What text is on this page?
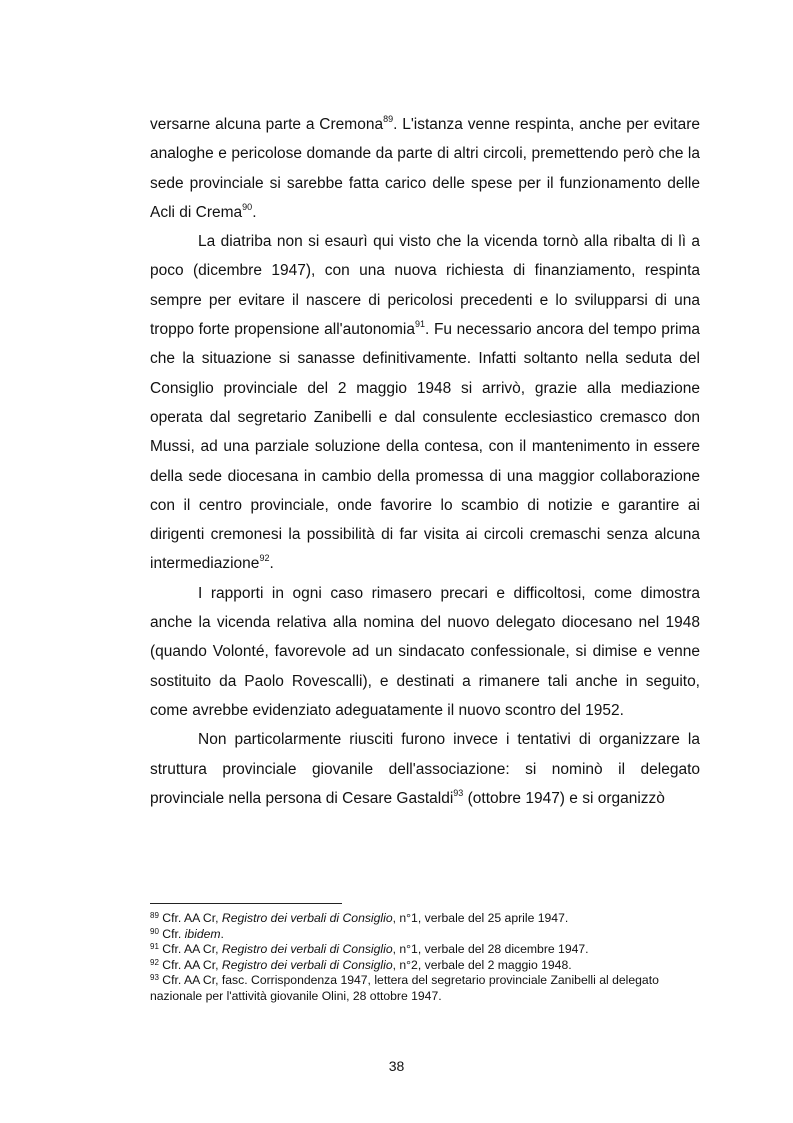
versarne alcuna parte a Cremona$^{89}$. L'istanza venne respinta, anche per evitare analoghe e pericolose domande da parte di altri circoli, premettendo però che la sede provinciale si sarebbe fatta carico delle spese per il funzionamento delle Acli di Crema$^{90}$.

La diatriba non si esaurì qui visto che la vicenda tornò alla ribalta di lì a poco (dicembre 1947), con una nuova richiesta di finanziamento, respinta sempre per evitare il nascere di pericolosi precedenti e lo svilupparsi di una troppo forte propensione all'autonomia$^{91}$. Fu necessario ancora del tempo prima che la situazione si sanasse definitivamente. Infatti soltanto nella seduta del Consiglio provinciale del 2 maggio 1948 si arrivò, grazie alla mediazione operata dal segretario Zanibelli e dal consulente ecclesiastico cremasco don Mussi, ad una parziale soluzione della contesa, con il mantenimento in essere della sede diocesana in cambio della promessa di una maggior collaborazione con il centro provinciale, onde favorire lo scambio di notizie e garantire ai dirigenti cremonesi la possibilità di far visita ai circoli cremaschi senza alcuna intermediazione$^{92}$.

I rapporti in ogni caso rimasero precari e difficoltosi, come dimostra anche la vicenda relativa alla nomina del nuovo delegato diocesano nel 1948 (quando Volonté, favorevole ad un sindacato confessionale, si dimise e venne sostituito da Paolo Rovescalli), e destinati a rimanere tali anche in seguito, come avrebbe evidenziato adeguatamente il nuovo scontro del 1952.

Non particolarmente riusciti furono invece i tentativi di organizzare la struttura provinciale giovanile dell'associazione: si nominò il delegato provinciale nella persona di Cesare Gastaldi$^{93}$ (ottobre 1947) e si organizzò

$^{89}$ Cfr. AA Cr, Registro dei verbali di Consiglio, n°1, verbale del 25 aprile 1947.

$^{90}$ Cfr. ibidem.

$^{91}$ Cfr. AA Cr, Registro dei verbali di Consiglio, n°1, verbale del 28 dicembre 1947.

$^{92}$ Cfr. AA Cr, Registro dei verbali di Consiglio, n°2, verbale del 2 maggio 1948.

$^{93}$ Cfr. AA Cr, fasc. Corrispondenza 1947, lettera del segretario provinciale Zanibelli al delegato nazionale per l'attività giovanile Olini, 28 ottobre 1947.

38
